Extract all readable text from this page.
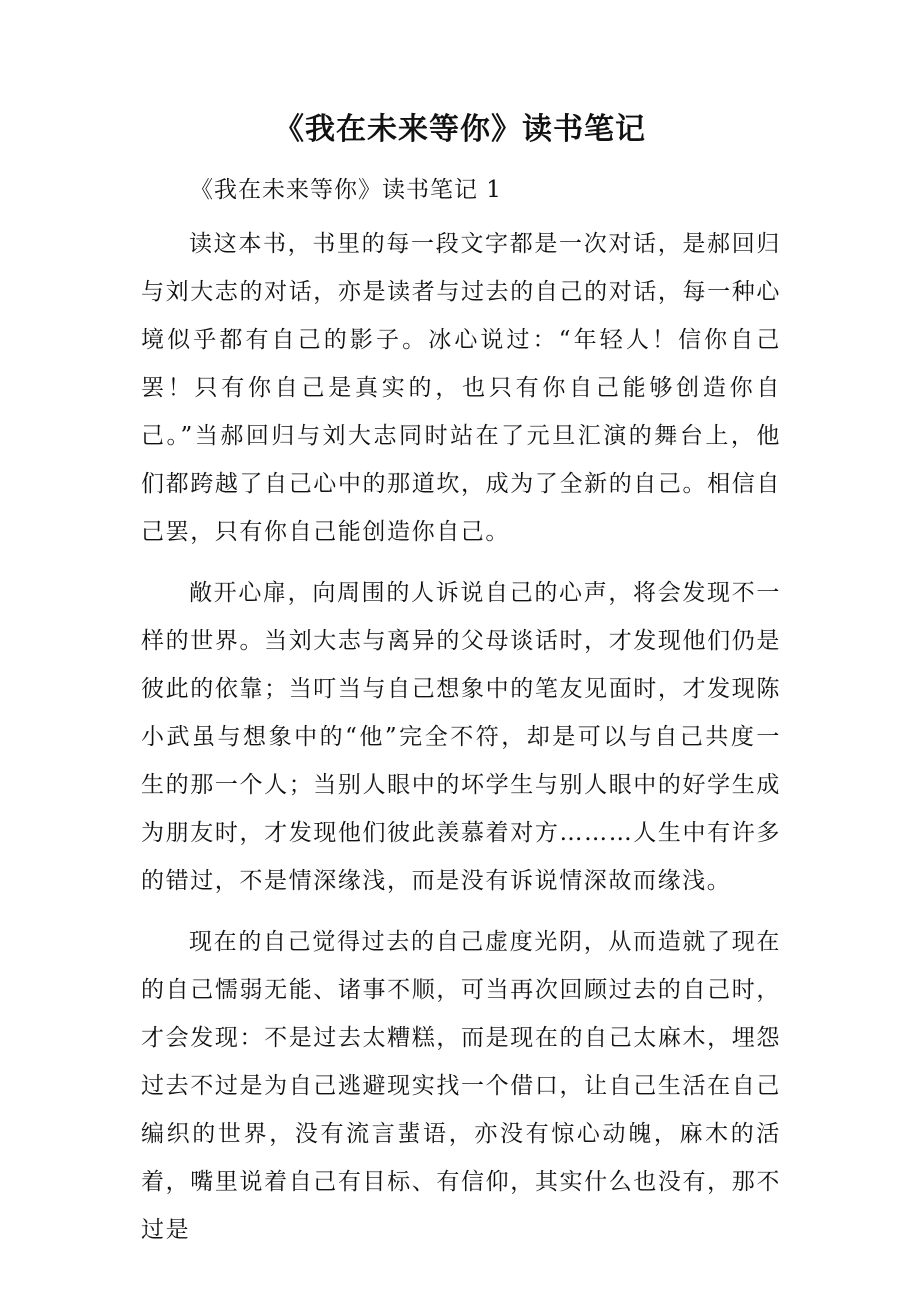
《我在未来等你》读书笔记

《我在未来等你》读书笔记 1

读这本书，书里的每一段文字都是一次对话，是郝回归与刘大志的对话，亦是读者与过去的自己的对话，每一种心境似乎都有自己的影子。冰心说过：“年轻人！信你自己罢！只有你自己是真实的，也只有你自己能够创造你自己。”当郝回归与刘大志同时站在了元旦汇演的舞台上，他们都跨越了自己心中的那道坎，成为了全新的自己。相信自己罢，只有你自己能创造你自己。

敞开心扉，向周围的人诉说自己的心声，将会发现不一样的世界。当刘大志与离异的父母谈话时，才发现他们仍是彼此的依靠；当叮当与自己想象中的笔友见面时，才发现陈小武虽与想象中的“他”完全不符，却是可以与自己共度一生的那一个人；当别人眼中的坏学生与别人眼中的好学生成为朋友时，才发现他们彼此羡慕着对方………人生中有许多的错过，不是情深缘浅，而是没有诉说情深故而缘浅。

现在的自己觉得过去的自己虚度光阴，从而造就了现在的自己懦弱无能、诸事不顺，可当再次回顾过去的自己时，才会发现：不是过去太糟糕，而是现在的自己太麻木，埋怨过去不过是为自己逃避现实找一个借口，让自己生活在自己编织的世界，没有流言蜚语，亦没有惊心动魄，麻木的活着，嘴里说着自己有目标、有信仰，其实什么也没有，那不过是
